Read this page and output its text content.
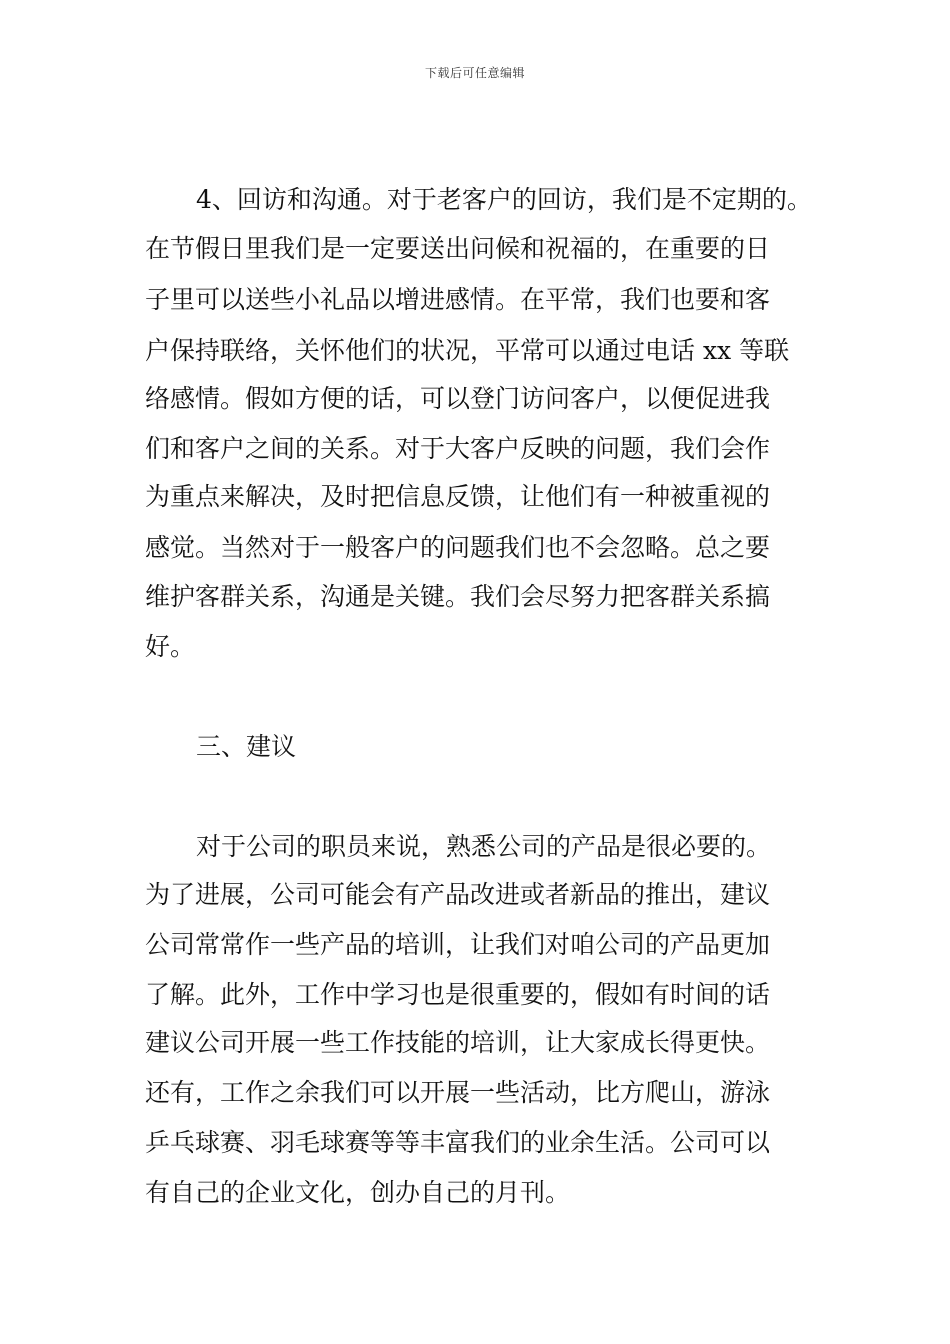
下载后可任意编辑
4、回访和沟通。对于老客户的回访，我们是不定期的。
在节假日里我们是一定要送出问候和祝福的，在重要的日
子里可以送些小礼品以增进感情。在平常，我们也要和客
户保持联络，关怀他们的状况，平常可以通过电话 xx 等联
络感情。假如方便的话，可以登门访问客户，以便促进我
们和客户之间的关系。对于大客户反映的问题，我们会作
为重点来解决，及时把信息反馈，让他们有一种被重视的
感觉。当然对于一般客户的问题我们也不会忽略。总之要
维护客群关系，沟通是关键。我们会尽努力把客群关系搞
好。
三、建议
对于公司的职员来说，熟悉公司的产品是很必要的。
为了进展，公司可能会有产品改进或者新品的推出，建议
公司常常作一些产品的培训，让我们对咱公司的产品更加
了解。此外，工作中学习也是很重要的，假如有时间的话
建议公司开展一些工作技能的培训，让大家成长得更快。
还有，工作之余我们可以开展一些活动，比方爬山，游泳
乒乓球赛、羽毛球赛等等丰富我们的业余生活。公司可以
有自己的企业文化，创办自己的月刊。
